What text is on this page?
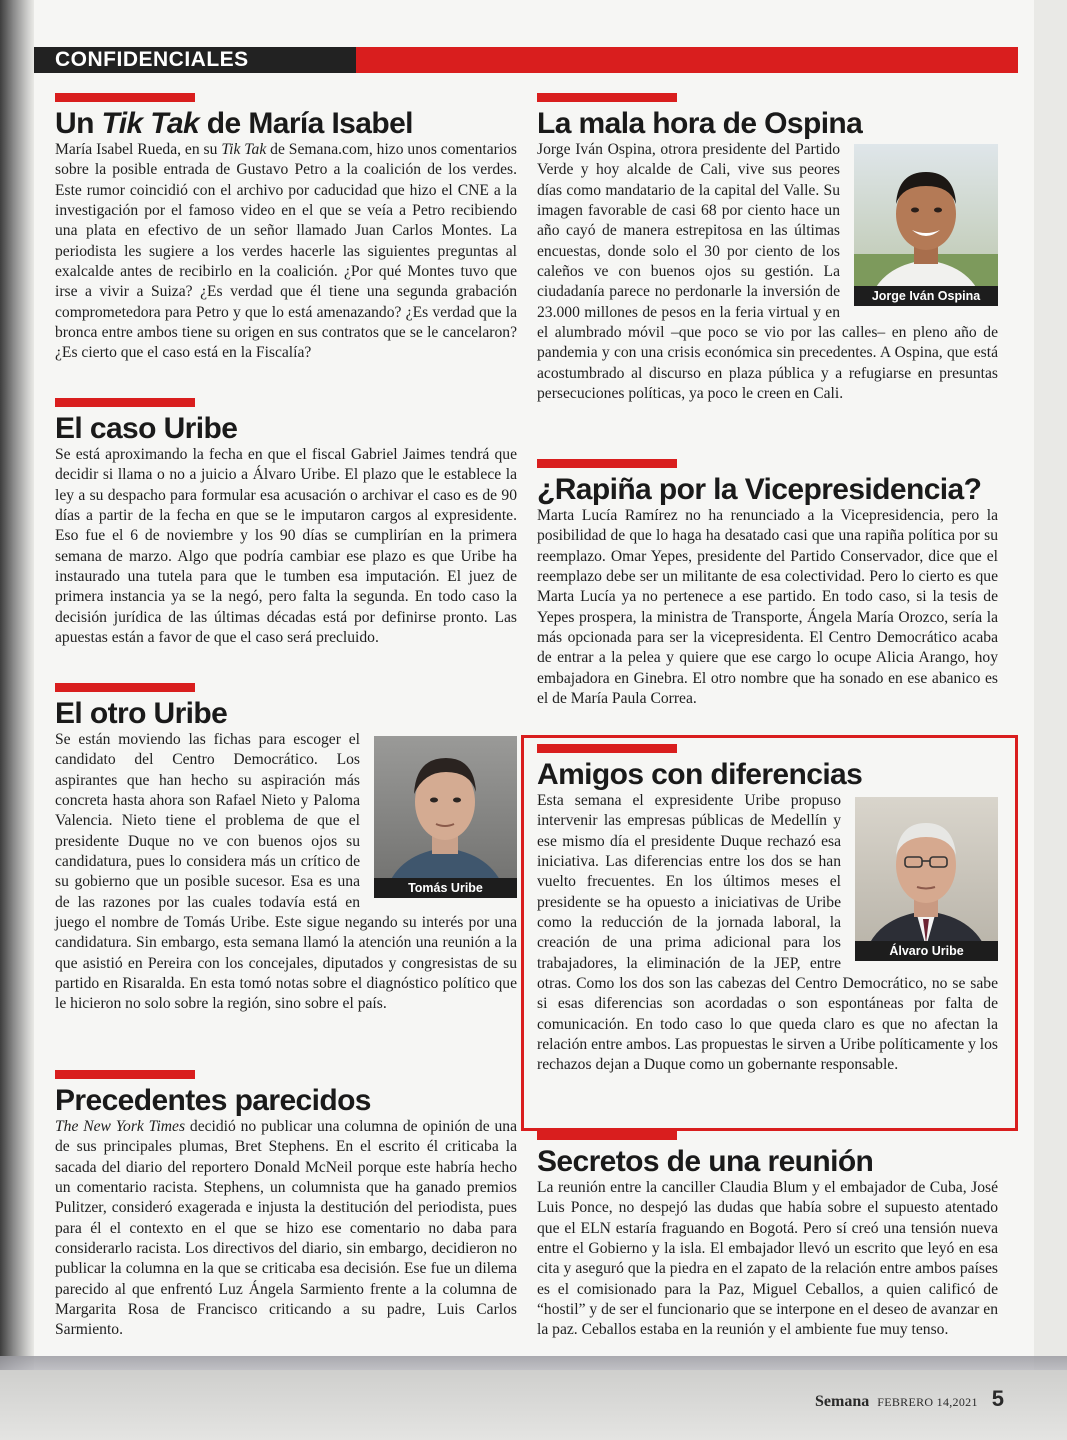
CONFIDENCIALES
Un Tik Tak de María Isabel
María Isabel Rueda, en su Tik Tak de Semana.com, hizo unos comentarios sobre la posible entrada de Gustavo Petro a la coalición de los verdes. Este rumor coincidió con el archivo por caducidad que hizo el CNE a la investigación por el famoso video en el que se veía a Petro recibiendo una plata en efectivo de un señor llamado Juan Carlos Montes. La periodista les sugiere a los verdes hacerle las siguientes preguntas al exalcalde antes de recibirlo en la coalición. ¿Por qué Montes tuvo que irse a vivir a Suiza? ¿Es verdad que él tiene una segunda grabación comprometedora para Petro y que lo está amenazando? ¿Es verdad que la bronca entre ambos tiene su origen en sus contratos que se le cancelaron? ¿Es cierto que el caso está en la Fiscalía?
El caso Uribe
Se está aproximando la fecha en que el fiscal Gabriel Jaimes tendrá que decidir si llama o no a juicio a Álvaro Uribe. El plazo que le establece la ley a su despacho para formular esa acusación o archivar el caso es de 90 días a partir de la fecha en que se le imputaron cargos al expresidente. Eso fue el 6 de noviembre y los 90 días se cumplirían en la primera semana de marzo. Algo que podría cambiar ese plazo es que Uribe ha instaurado una tutela para que le tumben esa imputación. El juez de primera instancia ya se la negó, pero falta la segunda. En todo caso la decisión jurídica de las últimas décadas está por definirse pronto. Las apuestas están a favor de que el caso será precluido.
El otro Uribe
Tomás Uribe
Se están moviendo las fichas para escoger el candidato del Centro Democrático. Los aspirantes que han hecho su aspiración más concreta hasta ahora son Rafael Nieto y Paloma Valencia. Nieto tiene el problema de que el presidente Duque no ve con buenos ojos su candidatura, pues lo considera más un crítico de su gobierno que un posible sucesor. Esa es una de las razones por las cuales todavía está en juego el nombre de Tomás Uribe. Este sigue negando su interés por una candidatura. Sin embargo, esta semana llamó la atención una reunión a la que asistió en Pereira con los concejales, diputados y congresistas de su partido en Risaralda. En esta tomó notas sobre el diagnóstico político que le hicieron no solo sobre la región, sino sobre el país.
Precedentes parecidos
The New York Times decidió no publicar una columna de opinión de una de sus principales plumas, Bret Stephens. En el escrito él criticaba la sacada del diario del reportero Donald McNeil porque este habría hecho un comentario racista. Stephens, un columnista que ha ganado premios Pulitzer, consideró exagerada e injusta la destitución del periodista, pues para él el contexto en el que se hizo ese comentario no daba para considerarlo racista. Los directivos del diario, sin embargo, decidieron no publicar la columna en la que se criticaba esa decisión. Ese fue un dilema parecido al que enfrentó Luz Ángela Sarmiento frente a la columna de Margarita Rosa de Francisco criticando a su padre, Luis Carlos Sarmiento.
La mala hora de Ospina
Jorge Iván Ospina
Jorge Iván Ospina, otrora presidente del Partido Verde y hoy alcalde de Cali, vive sus peores días como mandatario de la capital del Valle. Su imagen favorable de casi 68 por ciento hace un año cayó de manera estrepitosa en las últimas encuestas, donde solo el 30 por ciento de los caleños ve con buenos ojos su gestión. La ciudadanía parece no perdonarle la inversión de 23.000 millones de pesos en la feria virtual y en el alumbrado móvil –que poco se vio por las calles– en pleno año de pandemia y con una crisis económica sin precedentes. A Ospina, que está acostumbrado al discurso en plaza pública y a refugiarse en presuntas persecuciones políticas, ya poco le creen en Cali.
¿Rapiña por la Vicepresidencia?
Marta Lucía Ramírez no ha renunciado a la Vicepresidencia, pero la posibilidad de que lo haga ha desatado casi que una rapiña política por su reemplazo. Omar Yepes, presidente del Partido Conservador, dice que el reemplazo debe ser un militante de esa colectividad. Pero lo cierto es que Marta Lucía ya no pertenece a ese partido. En todo caso, si la tesis de Yepes prospera, la ministra de Transporte, Ángela María Orozco, sería la más opcionada para ser la vicepresidenta. El Centro Democrático acaba de entrar a la pelea y quiere que ese cargo lo ocupe Alicia Arango, hoy embajadora en Ginebra. El otro nombre que ha sonado en ese abanico es el de María Paula Correa.
Amigos con diferencias
Álvaro Uribe
Esta semana el expresidente Uribe propuso intervenir las empresas públicas de Medellín y ese mismo día el presidente Duque rechazó esa iniciativa. Las diferencias entre los dos se han vuelto frecuentes. En los últimos meses el presidente se ha opuesto a iniciativas de Uribe como la reducción de la jornada laboral, la creación de una prima adicional para los trabajadores, la eliminación de la JEP, entre otras. Como los dos son las cabezas del Centro Democrático, no se sabe si esas diferencias son acordadas o son espontáneas por falta de comunicación. En todo caso lo que queda claro es que no afectan la relación entre ambos. Las propuestas le sirven a Uribe políticamente y los rechazos dejan a Duque como un gobernante responsable.
Secretos de una reunión
La reunión entre la canciller Claudia Blum y el embajador de Cuba, José Luis Ponce, no despejó las dudas que había sobre el supuesto atentado que el ELN estaría fraguando en Bogotá. Pero sí creó una tensión nueva entre el Gobierno y la isla. El embajador llevó un escrito que leyó en esa cita y aseguró que la piedra en el zapato de la relación entre ambos países es el comisionado para la Paz, Miguel Ceballos, a quien calificó de “hostil” y de ser el funcionario que se interpone en el deseo de avanzar en la paz. Ceballos estaba en la reunión y el ambiente fue muy tenso.
Semana FEBRERO 14,2021 5
